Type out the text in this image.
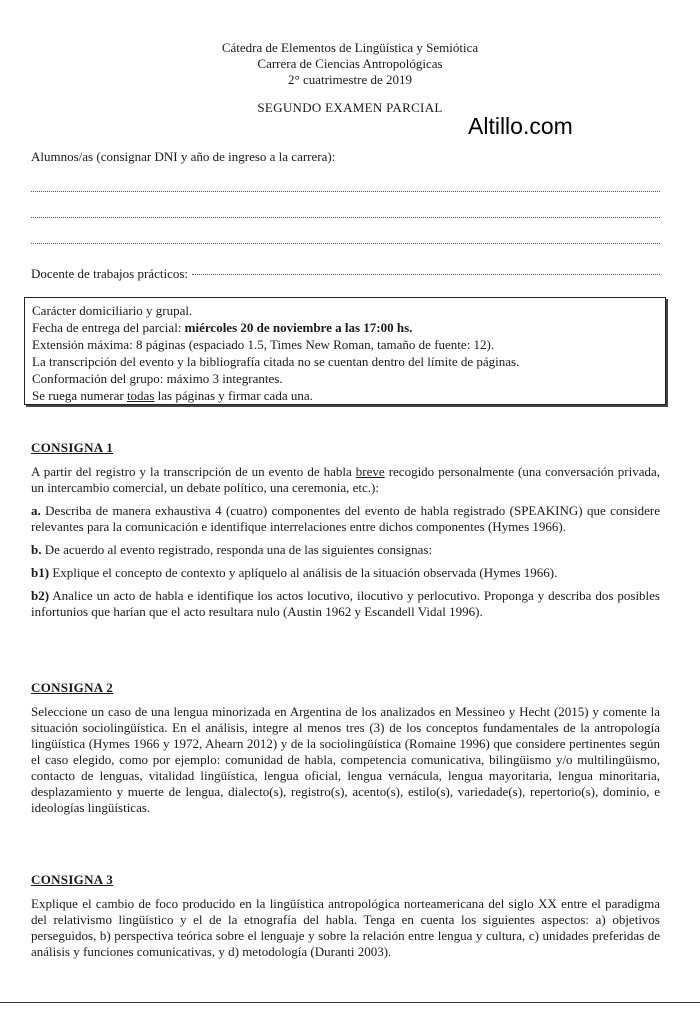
Cátedra de Elementos de Lingüística y Semiótica
Carrera de Ciencias Antropológicas
2° cuatrimestre de 2019
SEGUNDO EXAMEN PARCIAL
Altillo.com
Alumnos/as (consignar DNI y año de ingreso a la carrera):
Docente de trabajos prácticos:

Carácter domiciliario y grupal.

Fecha de entrega del parcial: miércoles 20 de noviembre a las 17:00 hs.

Extensión máxima: 8 páginas (espaciado 1.5, Times New Roman, tamaño de fuente: 12).

La transcripción del evento y la bibliografía citada no se cuentan dentro del límite de páginas.

Conformación del grupo: máximo 3 integrantes.

Se ruega numerar todas las páginas y firmar cada una.

CONSIGNA 1

A partir del registro y la transcripción de un evento de habla breve recogido personalmente (una conversación privada, un intercambio comercial, un debate político, una ceremonia, etc.):

a. Describa de manera exhaustiva 4 (cuatro) componentes del evento de habla registrado (SPEAKING) que considere relevantes para la comunicación e identifique interrelaciones entre dichos componentes (Hymes 1966).

b. De acuerdo al evento registrado, responda una de las siguientes consignas:

b1) Explique el concepto de contexto y aplíquelo al análisis de la situación observada (Hymes 1966).

b2) Analice un acto de habla e identifique los actos locutivo, ilocutivo y perlocutivo. Proponga y describa dos posibles infortunios que harían que el acto resultara nulo (Austin 1962 y Escandell Vidal 1996).

CONSIGNA 2

Seleccione un caso de una lengua minorizada en Argentina de los analizados en Messineo y Hecht (2015) y comente la situación sociolingüística. En el análisis, integre al menos tres (3) de los conceptos fundamentales de la antropología lingüística (Hymes 1966 y 1972, Ahearn 2012) y de la sociolingüística (Romaine 1996) que considere pertinentes según el caso elegido, como por ejemplo: comunidad de habla, competencia comunicativa, bilingüismo y/o multilingüismo, contacto de lenguas, vitalidad lingüística, lengua oficial, lengua vernácula, lengua mayoritaria, lengua minoritaria, desplazamiento y muerte de lengua, dialecto(s), registro(s), acento(s), estilo(s), variedade(s), repertorio(s), dominio, e ideologías lingüísticas.

CONSIGNA 3

Explique el cambio de foco producido en la lingüística antropológica norteamericana del siglo XX entre el paradigma del relativismo lingüístico y el de la etnografía del habla. Tenga en cuenta los siguientes aspectos: a) objetivos perseguidos, b) perspectiva teórica sobre el lenguaje y sobre la relación entre lengua y cultura, c) unidades preferidas de análisis y funciones comunicativas, y d) metodología (Duranti 2003).
